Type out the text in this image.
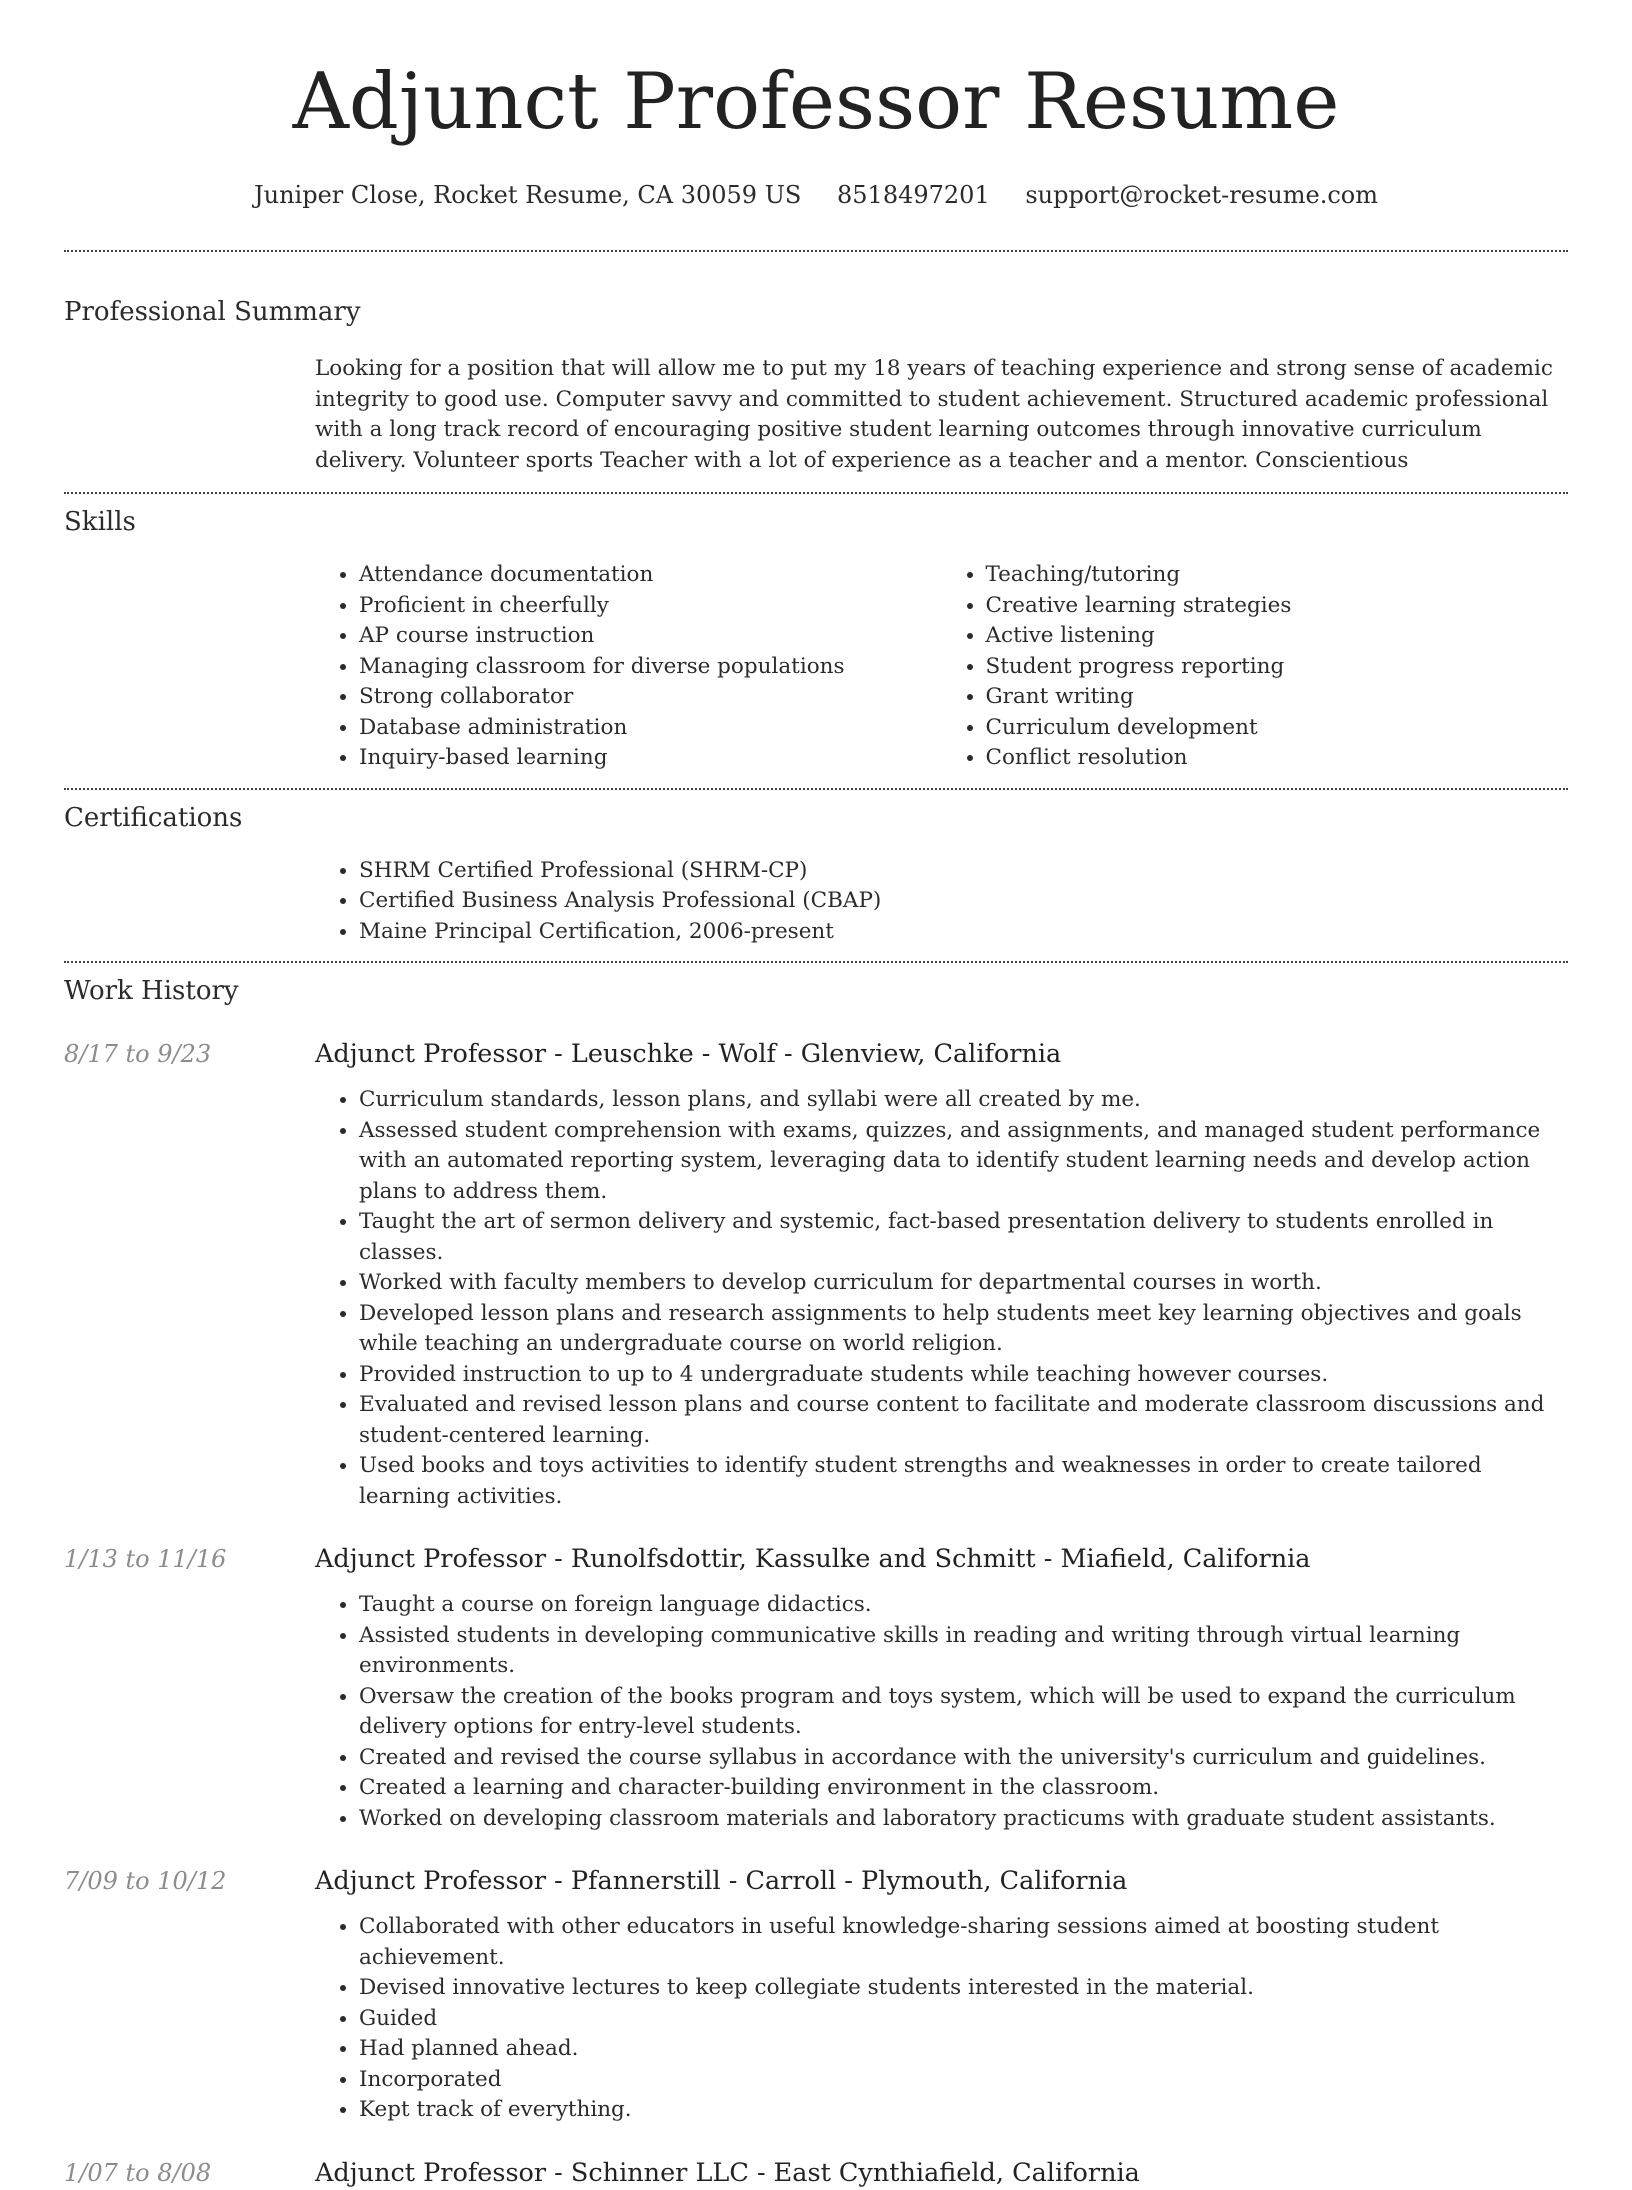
Adjunct Professor Resume
Juniper Close, Rocket Resume, CA 30059 US 8518497201 support@rocket-resume.com
Professional Summary
Looking for a position that will allow me to put my 18 years of teaching experience and strong sense of academic integrity to good use. Computer savvy and committed to student achievement. Structured academic professional with a long track record of encouraging positive student learning outcomes through innovative curriculum delivery. Volunteer sports Teacher with a lot of experience as a teacher and a mentor. Conscientious
Skills
• Attendance documentation
• Proficient in cheerfully
• AP course instruction
• Managing classroom for diverse populations
• Strong collaborator
• Database administration
• Inquiry-based learning
• Teaching/tutoring
• Creative learning strategies
• Active listening
• Student progress reporting
• Grant writing
• Curriculum development
• Conflict resolution
Certifications
• SHRM Certified Professional (SHRM-CP)
• Certified Business Analysis Professional (CBAP)
• Maine Principal Certification, 2006-present
Work History
8/17 to 9/23	Adjunct Professor - Leuschke - Wolf - Glenview, California
• Curriculum standards, lesson plans, and syllabi were all created by me.
• Assessed student comprehension with exams, quizzes, and assignments, and managed student performance with an automated reporting system, leveraging data to identify student learning needs and develop action plans to address them.
• Taught the art of sermon delivery and systemic, fact-based presentation delivery to students enrolled in classes.
• Worked with faculty members to develop curriculum for departmental courses in worth.
• Developed lesson plans and research assignments to help students meet key learning objectives and goals while teaching an undergraduate course on world religion.
• Provided instruction to up to 4 undergraduate students while teaching however courses.
• Evaluated and revised lesson plans and course content to facilitate and moderate classroom discussions and student-centered learning.
• Used books and toys activities to identify student strengths and weaknesses in order to create tailored learning activities.
1/13 to 11/16	Adjunct Professor - Runolfsdottir, Kassulke and Schmitt - Miafield, California
• Taught a course on foreign language didactics.
• Assisted students in developing communicative skills in reading and writing through virtual learning environments.
• Oversaw the creation of the books program and toys system, which will be used to expand the curriculum delivery options for entry-level students.
• Created and revised the course syllabus in accordance with the university's curriculum and guidelines.
• Created a learning and character-building environment in the classroom.
• Worked on developing classroom materials and laboratory practicums with graduate student assistants.
7/09 to 10/12	Adjunct Professor - Pfannerstill - Carroll - Plymouth, California
• Collaborated with other educators in useful knowledge-sharing sessions aimed at boosting student achievement.
• Devised innovative lectures to keep collegiate students interested in the material.
• Guided
• Had planned ahead.
• Incorporated
• Kept track of everything.
1/07 to 8/08	Adjunct Professor - Schinner LLC - East Cynthiafield, California
